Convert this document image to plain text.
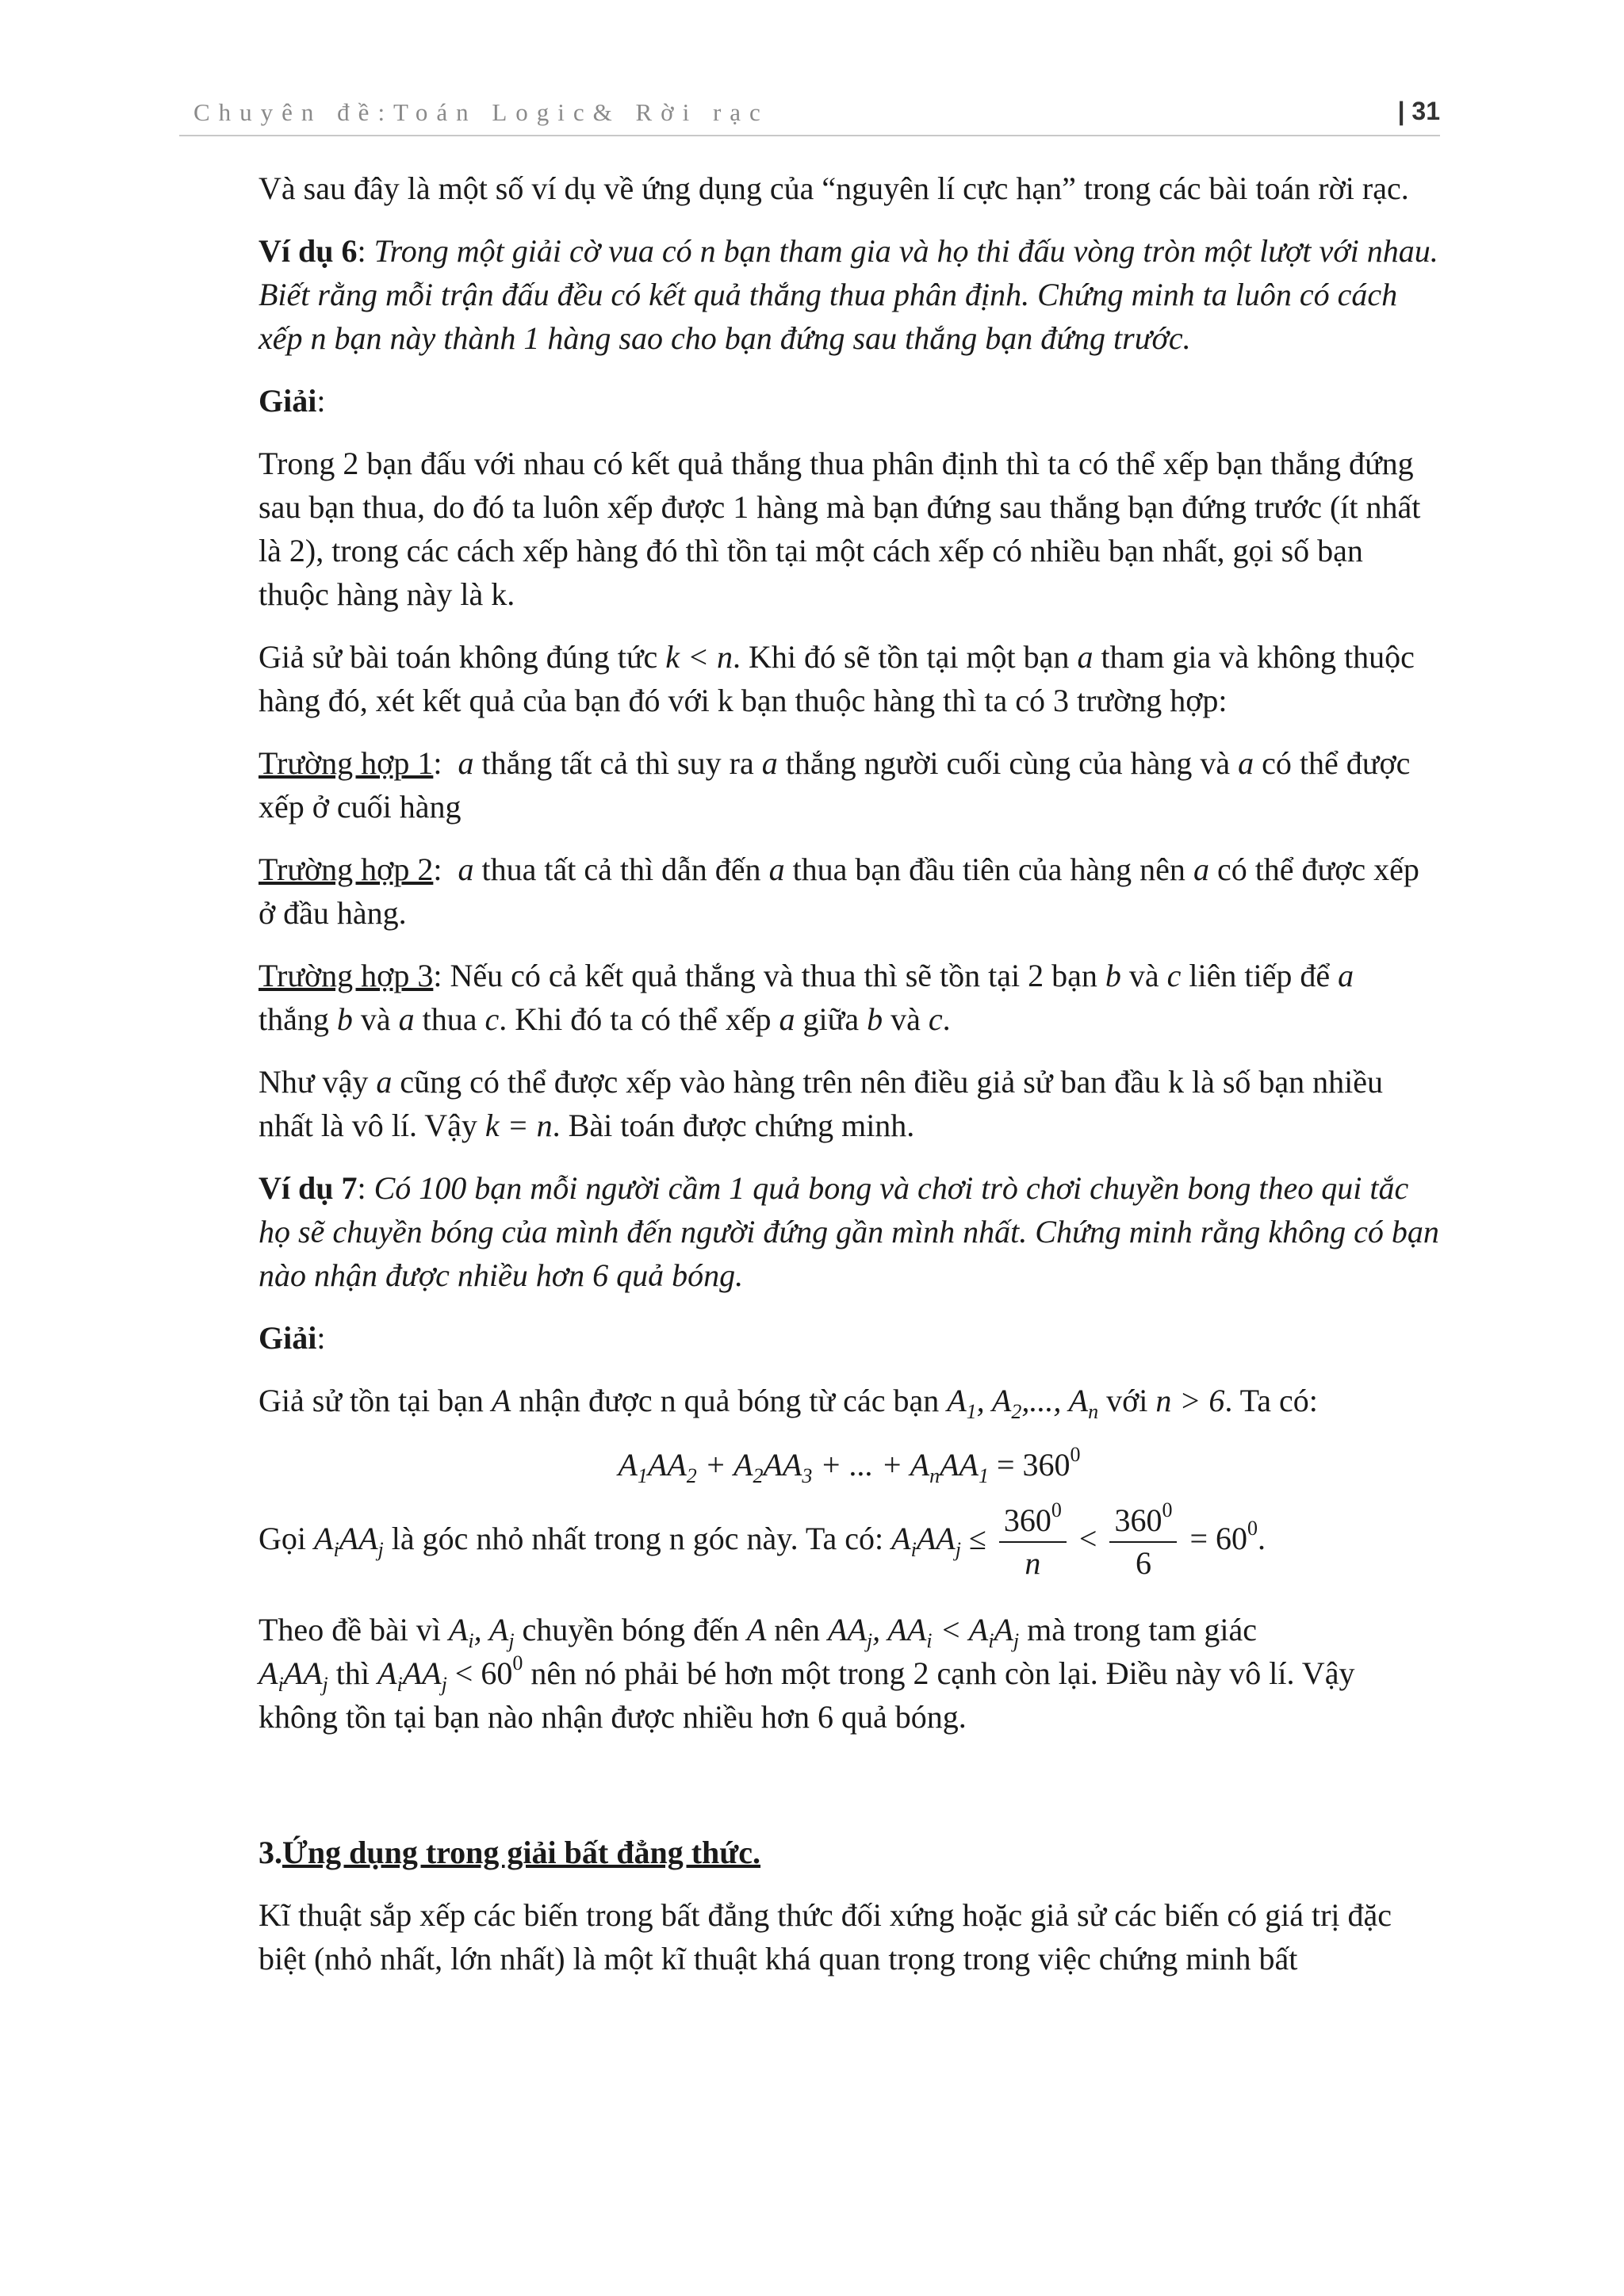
Chuyên đề:Toán Logic& Rời rạc	| 31

Và sau đây là một số ví dụ về ứng dụng của “nguyên lí cực hạn” trong các bài toán rời rạc.

Ví dụ 6: Trong một giải cờ vua có n bạn tham gia và họ thi đấu vòng tròn một lượt với nhau. Biết rằng mỗi trận đấu đều có kết quả thắng thua phân định. Chứng minh ta luôn có cách xếp n bạn này thành 1 hàng sao cho bạn đứng sau thắng bạn đứng trước.

Giải:

Trong 2 bạn đấu với nhau có kết quả thắng thua phân định thì ta có thể xếp bạn thắng đứng sau bạn thua, do đó ta luôn xếp được 1 hàng mà bạn đứng sau thắng bạn đứng trước (ít nhất là 2), trong các cách xếp hàng đó thì tồn tại một cách xếp có nhiều bạn nhất, gọi số bạn thuộc hàng này là k.

Giả sử bài toán không đúng tức k < n. Khi đó sẽ tồn tại một bạn a tham gia và không thuộc hàng đó, xét kết quả của bạn đó với k bạn thuộc hàng thì ta có 3 trường hợp:

Trường hợp 1:  a thắng tất cả thì suy ra a thắng người cuối cùng của hàng và a có thể được xếp ở cuối hàng

Trường hợp 2:  a thua tất cả thì dẫn đến a thua bạn đầu tiên của hàng nên a có thể được xếp ở đầu hàng.

Trường hợp 3: Nếu có cả kết quả thắng và thua thì sẽ tồn tại 2 bạn b và c liên tiếp để a
thắng b và a thua c. Khi đó ta có thể xếp a giữa b và c.

Như vậy a cũng có thể được xếp vào hàng trên nên điều giả sử ban đầu k là số bạn nhiều nhất là vô lí. Vậy k = n. Bài toán được chứng minh.

Ví dụ 7: Có 100 bạn mỗi người cầm 1 quả bong và chơi trò chơi chuyền bong theo qui tắc họ sẽ chuyền bóng của mình đến người đứng gần mình nhất. Chứng minh rằng không có bạn nào nhận được nhiều hơn 6 quả bóng.

Giải:

Giả sử tồn tại bạn A nhận được n quả bóng từ các bạn $A_1$, $A_2$,..., $A_n$ với n > 6. Ta có:

$A_1AA_2 + A_2AA_3$ + ... + $A_nAA_1 = 360^0$

Gọi $A_iAA_j$ là góc nhỏ nhất trong n góc này. Ta có: $A_iAA_j \le \frac{360^0}{n} < \frac{360^0}{6} = 60^0$.

Theo đề bài vì $A_i$, $A_j$ chuyền bóng đến A nên $AA_j$, $AA_i < A_iA_j$ mà trong tam giác
$A_iAA_j$ thì $A_iAA_j < 60^0$ nên nó phải bé hơn một trong 2 cạnh còn lại. Điều này vô lí. Vậy không tồn tại bạn nào nhận được nhiều hơn 6 quả bóng.

3.Ứng dụng trong giải bất đẳng thức.

Kĩ thuật sắp xếp các biến trong bất đẳng thức đối xứng hoặc giả sử các biến có giá trị đặc biệt (nhỏ nhất, lớn nhất) là một kĩ thuật khá quan trọng trong việc chứng minh bất
